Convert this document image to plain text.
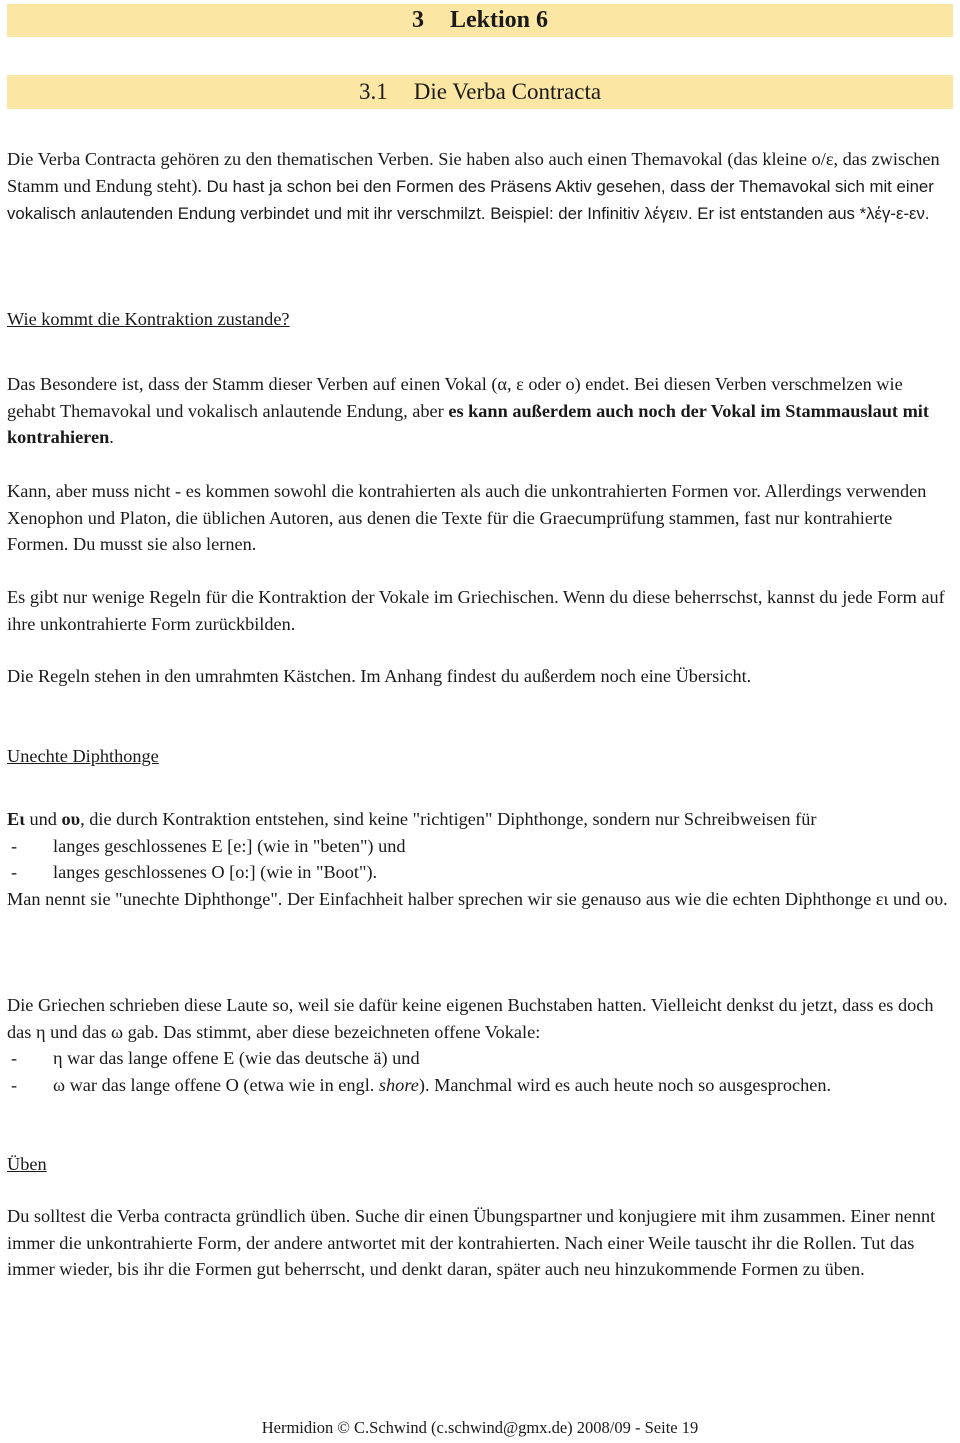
3 Lektion 6
3.1 Die Verba Contracta

Die Verba Contracta gehören zu den thematischen Verben. Sie haben also auch einen Themavokal (das kleine ο/ε, das zwischen Stamm und Endung steht). Du hast ja schon bei den Formen des Präsens Aktiv gesehen, dass der Themavokal sich mit einer vokalisch anlautenden Endung verbindet und mit ihr verschmilzt. Beispiel: der Infinitiv λέγειν. Er ist entstanden aus *λέγ-ε-εν.

Wie kommt die Kontraktion zustande?

Das Besondere ist, dass der Stamm dieser Verben auf einen Vokal (α, ε oder ο) endet. Bei diesen Verben verschmelzen wie gehabt Themavokal und vokalisch anlautende Endung, aber es kann außerdem auch noch der Vokal im Stammauslaut mit kontrahieren.

Kann, aber muss nicht - es kommen sowohl die kontrahierten als auch die unkontrahierten Formen vor. Allerdings verwenden Xenophon und Platon, die üblichen Autoren, aus denen die Texte für die Graecumprüfung stammen, fast nur kontrahierte Formen. Du musst sie also lernen.

Es gibt nur wenige Regeln für die Kontraktion der Vokale im Griechischen. Wenn du diese beherrschst, kannst du jede Form auf ihre unkontrahierte Form zurückbilden.

Die Regeln stehen in den umrahmten Kästchen. Im Anhang findest du außerdem noch eine Übersicht.

Unechte Diphthonge

Ει und ου, die durch Kontraktion entstehen, sind keine "richtigen" Diphthonge, sondern nur Schreibweisen für
- langes geschlossenes E [e:] (wie in "beten") und
- langes geschlossenes O [o:] (wie in "Boot").
Man nennt sie "unechte Diphthonge". Der Einfachheit halber sprechen wir sie genauso aus wie die echten Diphthonge ει und ου.
Die Griechen schrieben diese Laute so, weil sie dafür keine eigenen Buchstaben hatten. Vielleicht denkst du jetzt, dass es doch das η und das ω gab. Das stimmt, aber diese bezeichneten offene Vokale:
- η war das lange offene E (wie das deutsche ä) und
- ω war das lange offene O (etwa wie in engl. shore). Manchmal wird es auch heute noch so ausgesprochen.

Üben

Du solltest die Verba contracta gründlich üben. Suche dir einen Übungspartner und konjugiere mit ihm zusammen. Einer nennt immer die unkontrahierte Form, der andere antwortet mit der kontrahierten. Nach einer Weile tauscht ihr die Rollen. Tut das immer wieder, bis ihr die Formen gut beherrscht, und denkt daran, später auch neu hinzukommende Formen zu üben.

Hermidion © C.Schwind (c.schwind@gmx.de) 2008/09 - Seite 19
